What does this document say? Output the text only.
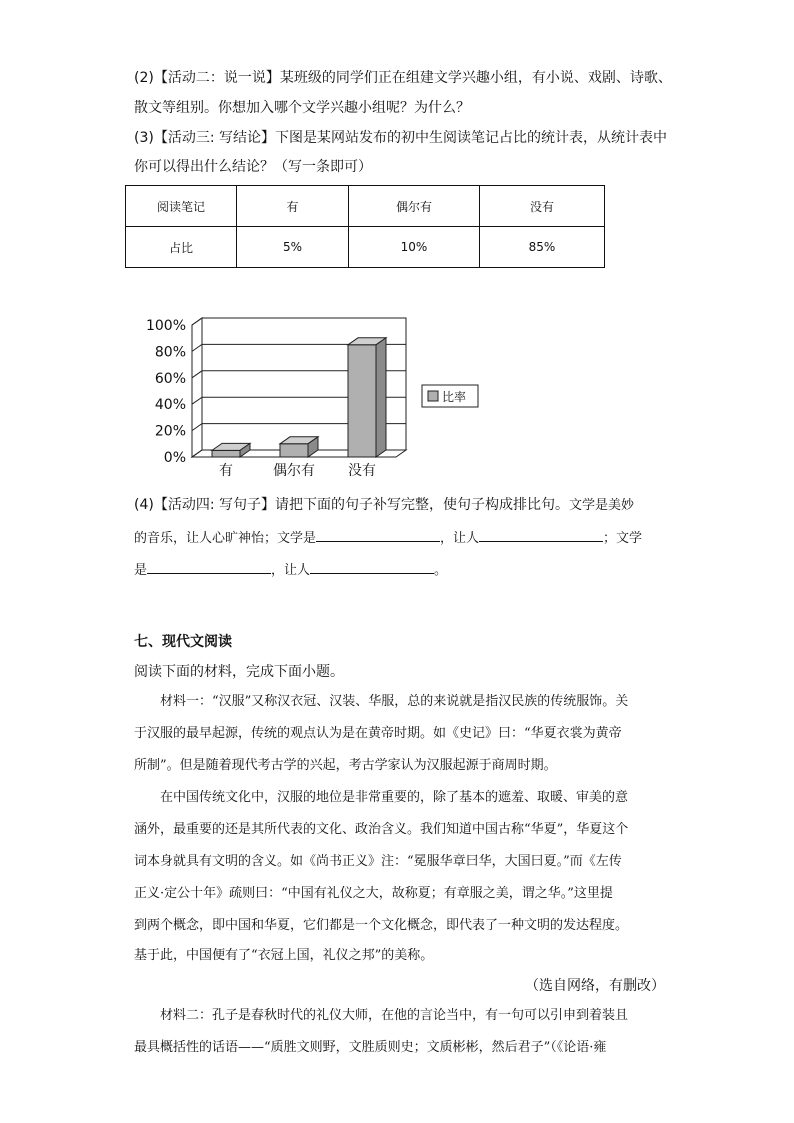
(2)【活动二：说一说】某班级的同学们正在组建文学兴趣小组，有小说、戏剧、诗歌、
散文等组别。你想加入哪个文学兴趣小组呢？为什么？
(3)【活动三: 写结论】下图是某网站发布的初中生阅读笔记占比的统计表，从统计表中
你可以得出什么结论？（写一条即可）
阅读笔记	有	偶尔有	没有
占比	5%	10%	85%
0%
20%
40%
60%
80%
100%
有	偶尔有 没有
比率
(4)【活动四: 写句子】请把下面的句子补写完整，使句子构成排比句。文学是美妙
的音乐，让人心旷神怡；文学是	，让人	；文学
是	，让人	。
七、现代文阅读
阅读下面的材料，完成下面小题。
材料一：“汉服”又称汉衣冠、汉装、华服，总的来说就是指汉民族的传统服饰。关
于汉服的最早起源，传统的观点认为是在黄帝时期。如《史记》曰：“华夏衣裳为黄帝
所制”。但是随着现代考古学的兴起，考古学家认为汉服起源于商周时期。
在中国传统文化中，汉服的地位是非常重要的，除了基本的遮羞、取暖、审美的意
涵外，最重要的还是其所代表的文化、政治含义。我们知道中国古称“华夏”，华夏这个
词本身就具有文明的含义。如《尚书正义》注：“冕服华章曰华，大国曰夏。”而《左传
正义·定公十年》疏则曰：“中国有礼仪之大，故称夏；有章服之美，谓之华。”这里提
到两个概念，即中国和华夏，它们都是一个文化概念，即代表了一种文明的发达程度。
基于此，中国便有了“衣冠上国，礼仪之邦”的美称。
（选自网络，有删改）
材料二：孔子是春秋时代的礼仪大师，在他的言论当中，有一句可以引申到着装且
最具概括性的话语——“质胜文则野，文胜质则史；文质彬彬，然后君子”（《论语·雍
